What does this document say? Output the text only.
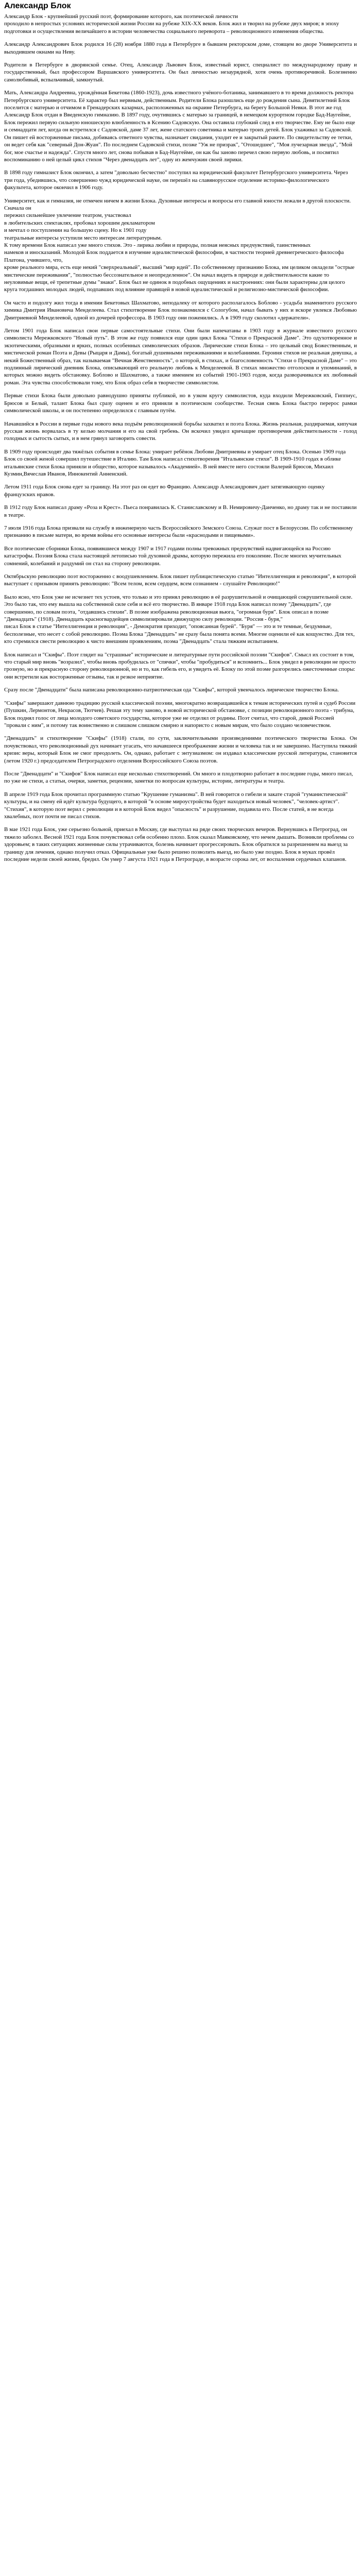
Александр Блок

Александр Блок - крупнейший русский поэт, формирование которого, как поэтической личности
проходило в непростых условиях исторической жизни России на рубеже XIX-XX веков. Блок жил и творил на рубеже двух миров; в эпоху подготовки и осуществления величайшего в истории человечества социального переворота – революционного изменения общества.

Александр Александрович Блок родился 16 (28) ноября 1880 года в Петербурге в бывшем ректорском доме, стоящем во дворе Университета и выходившем окнами на Неву.

Родители в Петербурге в дворянской семье. Отец, Александр Львович Блок, известный юрист, специалист по международному праву и государственный, был профессором Варшавского университета. Он был личностью незаурядной, хотя очень противоречивой. Болезненно самолюбивый, вспыльчивый, замкнутый.

Мать, Александра Андреевна, урождённая Бекетова (1860-1923), дочь известного учёного-ботаника, занимавшего в то время должность ректора Петербургского университета. Её характер был нервным, действенным. Родители Блока разошлись еще до рождения сына. Девятилетний Блок поселится с матерью и отчимом в Гренадерских казармах, расположенных на окраине Петербурга, на берегу Большой Невки. В этот же год Александр Блок отдан в Введенскую гимназию. В 1897 году, очутившись с матерью за границей, в немецком курортном городке Бад-Наугейме, Блок пережил первую сильную юношескую влюбленность в Ксению Садовскую. Она оставила глубокий след в его творчестве. Ему не было еще и семнадцати лет, когда он встретился с Садовской, даме 37 лет, жене статского советника и матерью троих детей. Блок ухаживал за Садовской. Он пишет ей восторженные письма, добиваясь ответного чувства, назначает свидания, уходит ее и закрытый ракете. По свидетельству ее тетки, он ведет себя как "северный Дон-Жуан". По последнем Садовской стихи, позже "Уж не призрак", "Отошедшее", "Моя лучезарная звезда", "Мой бог, мое счастье и надежда". Спустя много лет, снова побывав в Бад-Наугейме, он как бы заново перечел свою первую любовь, и посвятил воспоминанию о ней целый цикл стихов "Через двенадцать лет", одну из жемчужин своей лирики.

В 1898 году гимназист Блок окончил, а затем "довольно бесчестно" поступил на юридический факультет Петербургского университета. Через три года, убедившись, что совершенно чужд юридической науке, он перешёл на славянорусское отделение историко-филологического факультета, которое окончил в 1906 году.

Университет, как и гимназия, не отмечен ничем в жизни Блока. Духовные интересы и вопросы его главной юности лежали в другой плоскости. Сначала он
пережил сильнейшее увлечение театром, участвовал
в любительских спектаклях, пробовал хорошим декламатором
и мечтал о поступлении на большую сцену. Но к 1901 году
театральные интересы уступили место интересам литературным.
К тому времени Блок написал уже много стихов. Это - лирика любви и природы, полная неясных предчувствий, таинственных
намеков и иносказаний. Молодой Блок поддается в изучение идеалистической философии, в частности теорией древнегреческого философа Платона, учившего, что,
кроме реального мира, есть еще некий "сверхреальный", высший "мир идей". По собственному признанию Блока, им целиком овладели "острые мистические переживания", "полностью бессознательное и неопределенное". Он начал видеть в природе и действительности какие то неуловимые вещи, её трепетные думы "знаки". Блок был не одинок в подобных ощущениях и настроениях: они были характерны для целого круга тогдашних молодых людей, подпавших под влияние правящей в новой идеалистической и религиозно-мистической философии.

Он часто и подолгу жил тогда в имении Бекетовых Шахматово, неподалеку от которого располагалось Боблово - усадьба знаменитого русского химика Дмитрия Ивановича Менделеева. Стал стихотворение Блок познакомился с Сологубом, начал бывать у них и вскоре увлекся Любовью Дмитриевной Менделеевой, одной из дочерей профессора. В 1903 году они поженились. А в 1909 году сколотил «держатели».

Летом 1901 года Блок написал свои первые самостоятельные стихи. Они были напечатаны в 1903 году в журнале известного русского символиста Мережковского "Новый путь". В этом же году появился еще один цикл Блока "Стихи о Прекрасной Даме". Это одухотворенное и экзотическими, образными и ярких, полных особенных символических образов. Лирические стихи Блока – это цельный свод Божественным, и мистической роман Поэта и Девы (Рыцаря и Дамы), богатый душевными переживаниями и колебаниями. Героиня стихов не реальная девушка, а некий Божественный образ, так называемая "Вечная Женственность", о которой, в стихах, и благословенность "Стихи о Прекрасной Даме" – это подлинный лирический дневник Блока, описывающий его реальную любовь к Менделеевой. В стихах множество отголосков и упоминаний, в которых можно видеть обстановку. Боблово и Шахматово, а также имением из событий 1901-1903 годов, когда разворачивался их любовный роман. Эта чувства способствовали тому, что Блок образ себя в творчестве символистом.

Первые стихи Блока были довольно равнодушно приняты публикой, но в узком кругу символистов, куда входили Мережковский, Гиппиус, Брюсов и Белый, талант Блока был сразу оценен и его приняли в поэтическом сообществе. Тесная связь Блока быстро перерос рамки символической школы, и он постепенно определился с главным путём.

Начавшийся в России в первые годы нового века подъём революционной борьбы захватил и поэта Блока. Жизнь реальная, раздираемая, кипучая русская жизнь ворвалась в ту келью молчания и его на свой гребень. Он вскочил увидел кричащие противоречия действительности - голод голодных и сытость сытых, и в нем грянул заговорить совести.

В 1909 году происходят два тяжёлых события в семье Блока: умирает ребёнок Любови Дмитриевны и умирает отец Блока. Осенью 1909 года Блок со своей женой совершил путешествие в Италию. Там Блок написал стихотворения "Итальянские стихи". В 1909-1910 годах в облике итальянские стихи Блока приняли и общество, которое называлось «Академией». В ней вместе него состояли Валерий Брюсов, Михаил Кузмин,Вячеслав Иванов, Иннокентий Анненский.

Летом 1911 года Блок снова едет за границу. На этот раз он едет во Францию. Александр Александрович дает затягивающую оценку французских нравов.

В 1912 году Блок написал драму «Роза и Крест». Пьеса понравилась К. Станиславскому и В. Немировичу-Данченко, но драму так и не поставили в театре.

7 июля 1916 года Блока призвали на службу в инженерную часть Всероссийского Земского Союза. Служат пост в Белоруссии. По собственному признанию в письме матери, во время войны его основные интересы были «краснодыми и пищевыми».

Все поэтические сборники Блока, появившиеся между 1907 и 1917 годами полны тревожных предчувствий надвигающейся на Россию катастрофы. Поэзия Блока стала настоящей летописью той духовной драмы, которую пережила его поколение. После многих мучительных сомнений, колебаний и раздумий он стал на сторону революции.

Октябрьскую революцию поэт восторженно с воодушевлением. Блок пишет публицистическую статью "Интеллигенция и революция", в которой выступает с призывом принять революцию: "Всем телом, всем сердцем, всем сознанием - слушайте Революцию!"

Было ясно, что Блок уже не исчезнет тех устоев, что только и это принял революцию в её разрушительной и очищающей сокрушительной силе. Это было так, что ему вышла на собственной силе себя и всё его творчество. В январе 1918 года Блок написал поэму "Двенадцать", где совершенно, по словам поэта, "отдавшись стихии". В поэме изображена революционная вьюга, "огромная буря". Блок описал в поэме "Двенадцать" (1918). Двенадцать красногвардейцев символизировали движущую силу революции. "Россия - буря,"
писал Блок в статье "Интеллигенция и революция", - Демократия приходит, "опоясанная бурей". "Буря" — это и те темные, бездумные, бесполезные, что несет с собой революцию. Поэма Блока "Двенадцать" не сразу была понята всеми. Многие оценили её как кощунство. Для тех, кто стремился свести революцию к чисто внешним проявлениям, поэма "Двенадцать" стала тяжким испытанием.

Блок написал и "Скифы". Поэт глядит на "страшные" исторические и литературные пути российской поэзии "Скифов". Смысл их состоит в том, что старый мир вновь "возразил", чтобы вновь пробудилась от "спячки", чтобы "пробудиться" и вспомнить... Блок увидел в революции не просто грозную, но и прекрасную сторону революционной, но и то, как гибель его, и увидеть её. Блоку по этой поэме разгорелись ожесточенные споры: они встретили как восторженные отзывы, так и резкое неприятие.

Сразу после "Двенадцати" была написана революционно-патриотическая ода "Скифы", которой увенчалось лирическое творчество Блока.

"Скифы" завершают давнюю традицию русской классической поэзии, многократно возвращавшейся к темам исторических путей и судеб России (Пушкин, Лермонтов, Некрасов, Тютчев). Решая эту тему заново, в новой исторической обстановке, с позиции революционного поэта - трибуна, Блок поднял голос от лица молодого советского государства, которое уже не отделял от родины. Поэт считал, что старой, дикой Россией "провали с ним", и потому так воинственно и слишком слишком смирно и напористо с новым мирам, что было создано человечеством.

"Двенадцать" и стихотворение "Скифы" (1918) стали, по сути, заключительными произведениями поэтического творчества Блока. Он почувствовал, что революционный дух начинает угасать, что начавшееся преображение жизни и человека так и не завершено. Наступила тяжкий кризис веры, который Блок не смог преодолеть. Он, однако, работает с энтузиазмом: он издавал классические русской литературы, становится (летом 1920 г.) председателем Петроградского отделения Всероссийского Союза поэтов.

После "Двенадцати" и "Скифов" Блок написал еще несколько стихотворений. Он много и плодотворно работает в последние годы, много писал, по уже не стихи, а статьи, очерки, заметки, рецензии, заметки по вопросам культуры, истории, литературы и театра.

В апреле 1919 года Блок прочитал программную статью "Крушение гуманизма". В ней говорится о гибели и закате старой "гуманистической" культуры, и на смену ей идёт культура будущего, в которой "в основе мироустройства будет находиться новый человек", "человек-артист". "Стихия", в которую поэт верил с революции и в которой Блок видел "опасность" и разрушение, подавила его. После статей, в не всегда хвалебных, поэт почти не писал стихов.

В мае 1921 года Блок, уже серьезно больной, приехал в Москву, где выступал на ряде своих творческих вечеров. Вернувшись в Петроград, он тяжело заболел. Весной 1921 года Блок почувствовал себя особенно плохо. Блок сказал Маяковскому, что нечем дышать. Возникли проблемы со здоровьем; в таких ситуациях жизненные силы утрачиваются, болезнь начинает прогрессировать. Блок обратился за разрешением на выезд за границу для лечения, однако получил отказ. Официальные уже было решено позволить выезд, но было уже поздно. Блок в муках провёл последние недели своей жизни, бредил. Он умер 7 августа 1921 года в Петрограде, в возрасте сорока лет, от воспаления сердечных клапанов.
